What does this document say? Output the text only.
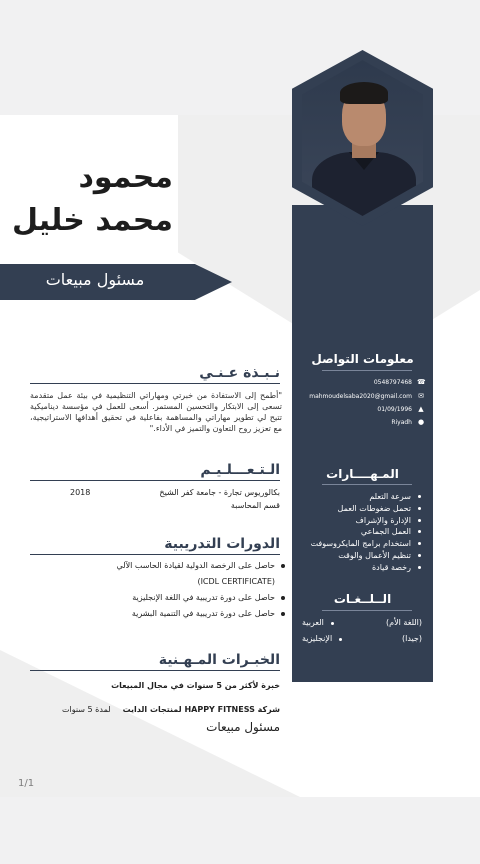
محمود
محمد خليل
مسئول مبيعات
نـبـذة عـنـي
"أطمح إلى الاستفادة من خبرتي ومهاراتي التنظيمية في بيئة عمل متقدمة تسعى إلى الابتكار والتحسين المستمر. أسعى للعمل في مؤسسة ديناميكية تتيح لي تطوير مهاراتي والمساهمة بفاعلية في تحقيق أهدافها الاستراتيجية، مع تعزيز روح التعاون والتميز في الأداء."
الـتـعـــلـيـم
بكالوريوس تجارة - جامعة كفر الشيخ
2018
قسم المحاسبة
الدورات التدريبية
حاصل على الرخصة الدولية لقيادة الحاسب الآلي
(ICDL CERTIFICATE)
حاصل على دورة تدريبية في اللغة الإنجليزية
حاصل على دورة تدريبية في التنمية البشرية
الخبـرات المـهـنية
خبرة لأكثر من 5 سنوات في مجال المبيعات
شركة HAPPY FITNESS لمنتجات الدايت
لمدة 5 سنوات
مسئول مبيعات
معلومات التواصل
☎
0548797468
✉
mahmoudelsaba2020@gmail.com
▲
01/09/1996
●
Riyadh
المـهــــارات
سرعة التعلم
تحمل ضغوطات العمل
الإدارة والإشراف
العمل الجماعي
استخدام برامج المايكروسوفت
تنظيم الأعمال والوقت
رخصة قيادة
الــلــغـات
العربية	(اللغة الأم)
الإنجليزية	(جيدا)
1/1
